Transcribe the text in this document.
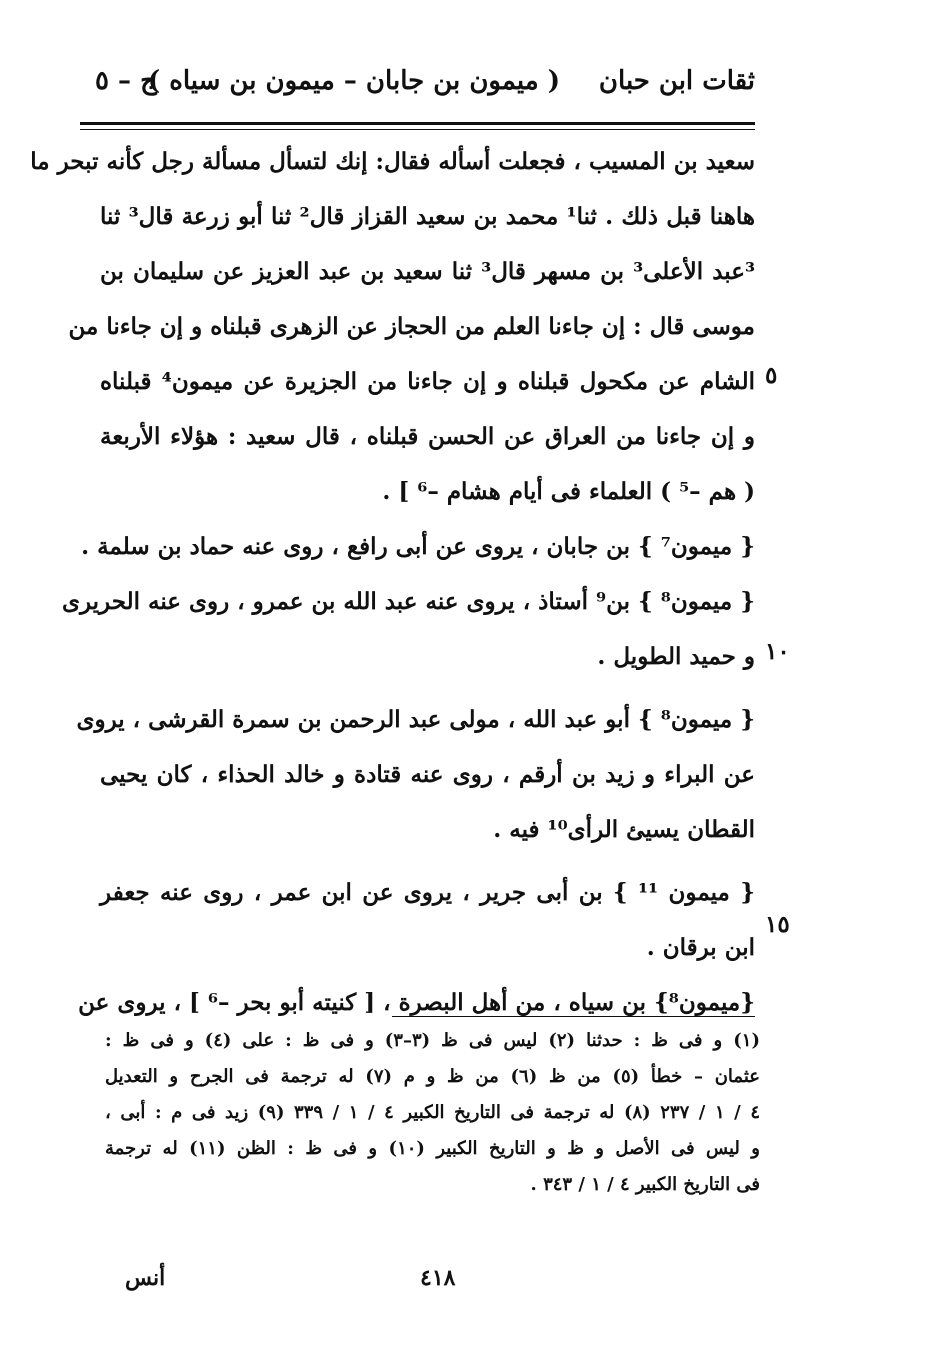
ثقات ابن حبان
( ميمون بن جابان – ميمون بن سياه )
ج – ٥
٥
١٠
١٥
سعيد بن المسيب ، فجعلت أسأله فقال: إنك لتسأل مسألة رجل كأنه تبحر ما
هاهنا قبل ذلك . ثنا¹ محمد بن سعيد القزاز قال² ثنا أبو زرعة قال³ ثنا
³عبد الأعلى³ بن مسهر قال³ ثنا سعيد بن عبد العزيز عن سليمان بن
موسى قال : إن جاءنا العلم من الحجاز عن الزهرى قبلناه و إن جاءنا من
الشام عن مكحول قبلناه و إن جاءنا من الجزيرة عن ميمون⁴ قبلناه
و إن جاءنا من العراق عن الحسن قبلناه ، قال سعيد : هؤلاء الأربعة
( هم –⁵ ) العلماء فى أيام هشام –⁶ ] .
{ ميمون⁷ } بن جابان ، يروى عن أبى رافع ، روى عنه حماد بن سلمة .
{ ميمون⁸ } بن⁹ أستاذ ، يروى عنه عبد الله بن عمرو ، روى عنه الحريرى
و حميد الطويل .
{ ميمون⁸ } أبو عبد الله ، مولى عبد الرحمن بن سمرة القرشى ، يروى
عن البراء و زيد بن أرقم ، روى عنه قتادة و خالد الحذاء ، كان يحيى
القطان يسيئ الرأى¹⁰ فيه .
{ ميمون ¹¹ } بن أبى جرير ، يروى عن ابن عمر ، روى عنه جعفر
ابن برقان .
{ميمون⁸} بن سياه ، من أهل البصرة ، [ كنيته أبو بحر –⁶ ] ، يروى عن
(١) و فى ظ : حدثنا (٢) ليس فى ظ (٣–٣) و فى ظ : على (٤) و فى ظ :
عثمان – خطأ (٥) من ظ (٦) من ظ و م (٧) له ترجمة فى الجرح و التعديل
٤ / ١ / ٢٣٧ (٨) له ترجمة فى التاريخ الكبير ٤ / ١ / ٣٣٩ (٩) زيد فى م : أبى ،
و ليس فى الأصل و ظ و التاريخ الكبير (١٠) و فى ظ : الظن (١١) له ترجمة
فى التاريخ الكبير ٤ / ١ / ٣٤٣ .
٤١٨
أنس
